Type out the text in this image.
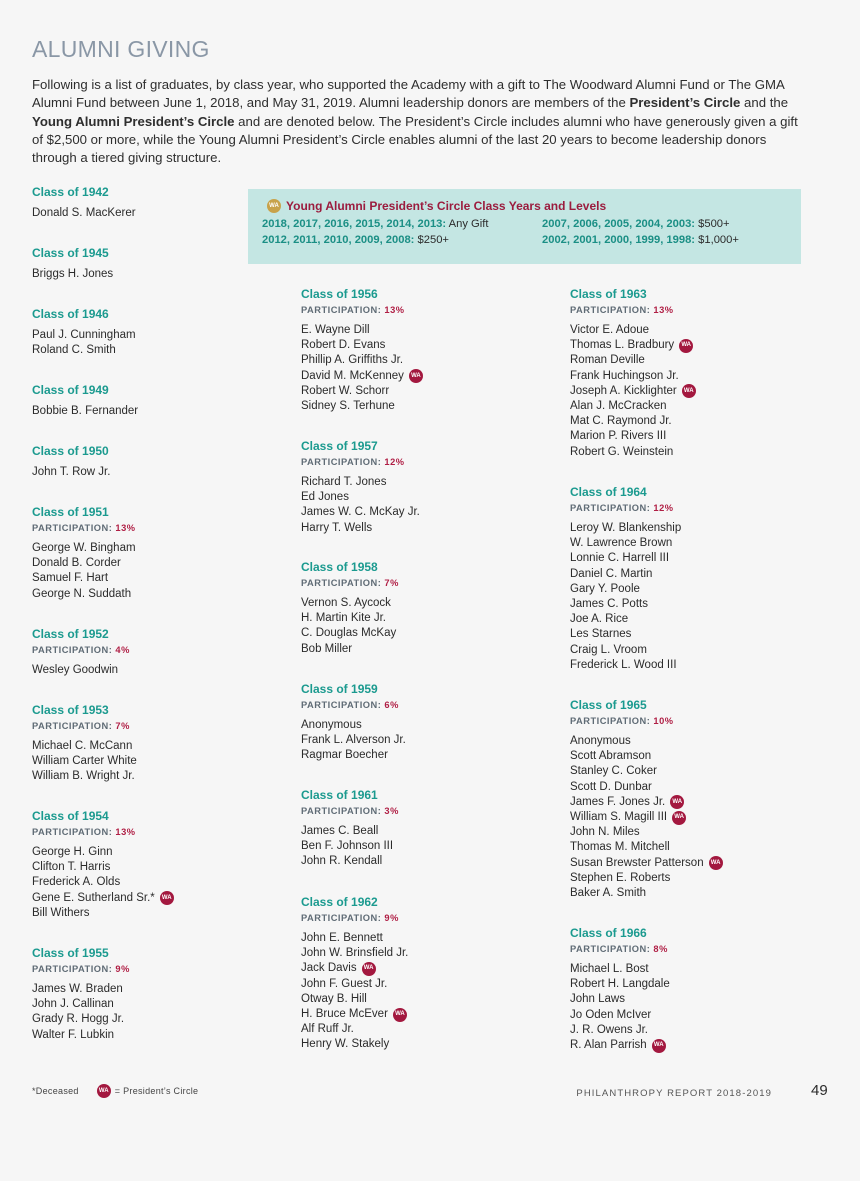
ALUMNI GIVING
Following is a list of graduates, by class year, who supported the Academy with a gift to The Woodward Alumni Fund or The GMA Alumni Fund between June 1, 2018, and May 31, 2019. Alumni leadership donors are members of the President’s Circle and the Young Alumni President’s Circle and are denoted below. The President’s Circle includes alumni who have generously given a gift of $2,500 or more, while the Young Alumni President’s Circle enables alumni of the last 20 years to become leadership donors through a tiered giving structure.
WA Young Alumni President’s Circle Class Years and Levels
2018, 2017, 2016, 2015, 2014, 2013: Any Gift	2007, 2006, 2005, 2004, 2003: $500+
2012, 2011, 2010, 2009, 2008: $250+	2002, 2001, 2000, 1999, 1998: $1,000+
Class of 1942
Donald S. MacKerer
Class of 1945
Briggs H. Jones
Class of 1946
Paul J. Cunningham
Roland C. Smith
Class of 1949
Bobbie B. Fernander
Class of 1950
John T. Row Jr.
Class of 1951
PARTICIPATION: 13%
George W. Bingham
Donald B. Corder
Samuel F. Hart
George N. Suddath
Class of 1952
PARTICIPATION: 4%
Wesley Goodwin
Class of 1953
PARTICIPATION: 7%
Michael C. McCann
William Carter White
William B. Wright Jr.
Class of 1954
PARTICIPATION: 13%
George H. Ginn
Clifton T. Harris
Frederick A. Olds
Gene E. Sutherland Sr.*	WA
Bill Withers
Class of 1955
PARTICIPATION: 9%
James W. Braden
John J. Callinan
Grady R. Hogg Jr.
Walter F. Lubkin
Class of 1956
PARTICIPATION: 13%
E. Wayne Dill
Robert D. Evans
Phillip A. Griffiths Jr.
David M. McKenney	WA
Robert W. Schorr
Sidney S. Terhune
Class of 1957
PARTICIPATION: 12%
Richard T. Jones
Ed Jones
James W. C. McKay Jr.
Harry T. Wells
Class of 1958
PARTICIPATION: 7%
Vernon S. Aycock
H. Martin Kite Jr.
C. Douglas McKay
Bob Miller
Class of 1959
PARTICIPATION: 6%
Anonymous
Frank L. Alverson Jr.
Ragmar Boecher
Class of 1961
PARTICIPATION: 3%
James C. Beall
Ben F. Johnson III
John R. Kendall
Class of 1962
PARTICIPATION: 9%
John E. Bennett
John W. Brinsfield Jr.
Jack Davis	WA
John F. Guest Jr.
Otway B. Hill
H. Bruce McEver	WA
Alf Ruff Jr.
Henry W. Stakely
Class of 1963
PARTICIPATION: 13%
Victor E. Adoue
Thomas L. Bradbury	WA
Roman Deville
Frank Huchingson Jr.
Joseph A. Kicklighter	WA
Alan J. McCracken
Mat C. Raymond Jr.
Marion P. Rivers III
Robert G. Weinstein
Class of 1964
PARTICIPATION: 12%
Leroy W. Blankenship
W. Lawrence Brown
Lonnie C. Harrell III
Daniel C. Martin
Gary Y. Poole
James C. Potts
Joe A. Rice
Les Starnes
Craig L. Vroom
Frederick L. Wood III
Class of 1965
PARTICIPATION: 10%
Anonymous
Scott Abramson
Stanley C. Coker
Scott D. Dunbar
James F. Jones Jr.	WA
William S. Magill III	WA
John N. Miles
Thomas M. Mitchell
Susan Brewster Patterson	WA
Stephen E. Roberts
Baker A. Smith
Class of 1966
PARTICIPATION: 8%
Michael L. Bost
Robert H. Langdale
John Laws
Jo Oden McIver
J. R. Owens Jr.
R. Alan Parrish	WA
*Deceased	WA = President’s Circle	PHILANTHROPY REPORT 2018-2019	49
